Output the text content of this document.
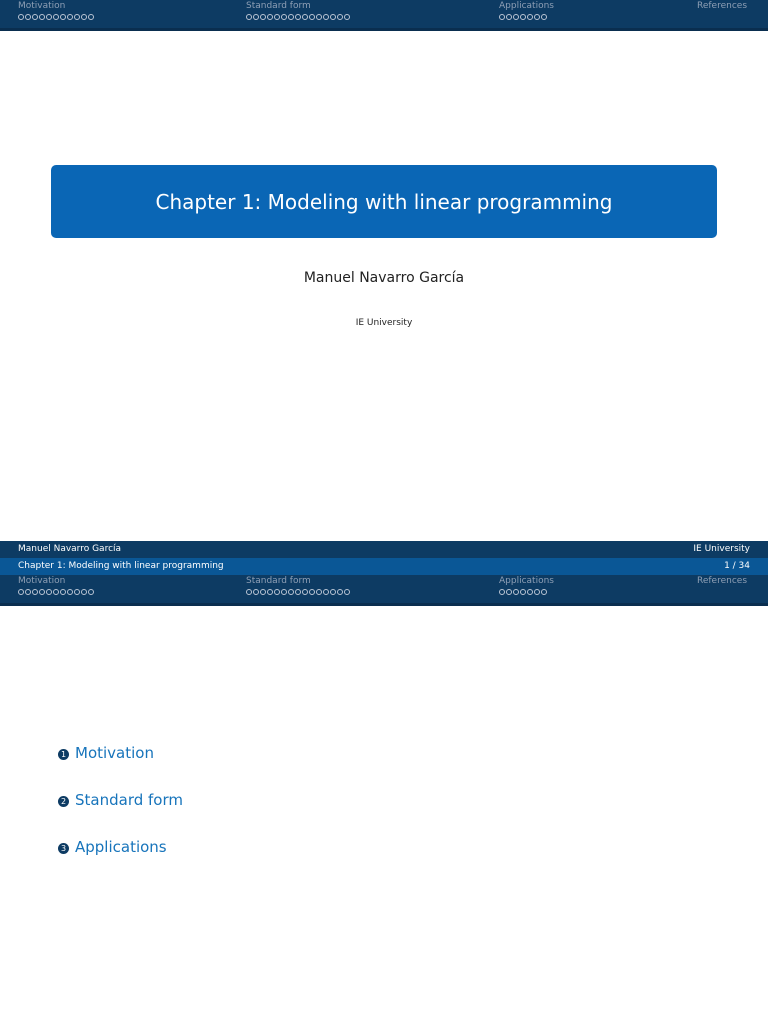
Motivation	Standard form	Applications	References
Chapter 1: Modeling with linear programming
Manuel Navarro García
IE University
Manuel Navarro García	IE University
Chapter 1: Modeling with linear programming	1 / 34
Motivation	Standard form	Applications	References
1 Motivation
2 Standard form
3 Applications
